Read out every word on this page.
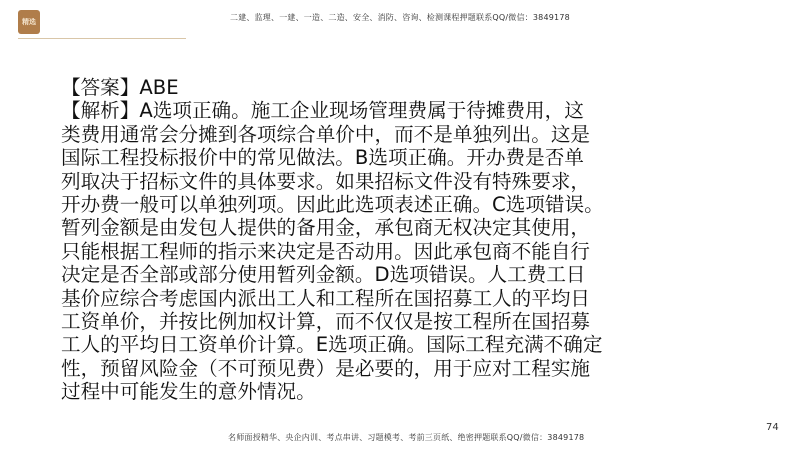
精选	二建、监理、一建、一造、二造、安全、消防、咨询、检测课程押题联系QQ/微信：3849178
【答案】ABE
【解析】A选项正确。施工企业现场管理费属于待摊费用，这
类费用通常会分摊到各项综合单价中，而不是单独列出。这是
国际工程投标报价中的常见做法。B选项正确。开办费是否单
列取决于招标文件的具体要求。如果招标文件没有特殊要求，
开办费一般可以单独列项。因此此选项表述正确。C选项错误。
暂列金额是由发包人提供的备用金，承包商无权决定其使用，
只能根据工程师的指示来决定是否动用。因此承包商不能自行
决定是否全部或部分使用暂列金额。D选项错误。人工费工日
基价应综合考虑国内派出工人和工程所在国招募工人的平均日
工资单价，并按比例加权计算，而不仅仅是按工程所在国招募
工人的平均日工资单价计算。E选项正确。国际工程充满不确定
性，预留风险金（不可预见费）是必要的，用于应对工程实施
过程中可能发生的意外情况。
74
名师面授精华、央企内训、考点串讲、习题模考、考前三页纸、绝密押题联系QQ/微信：3849178
